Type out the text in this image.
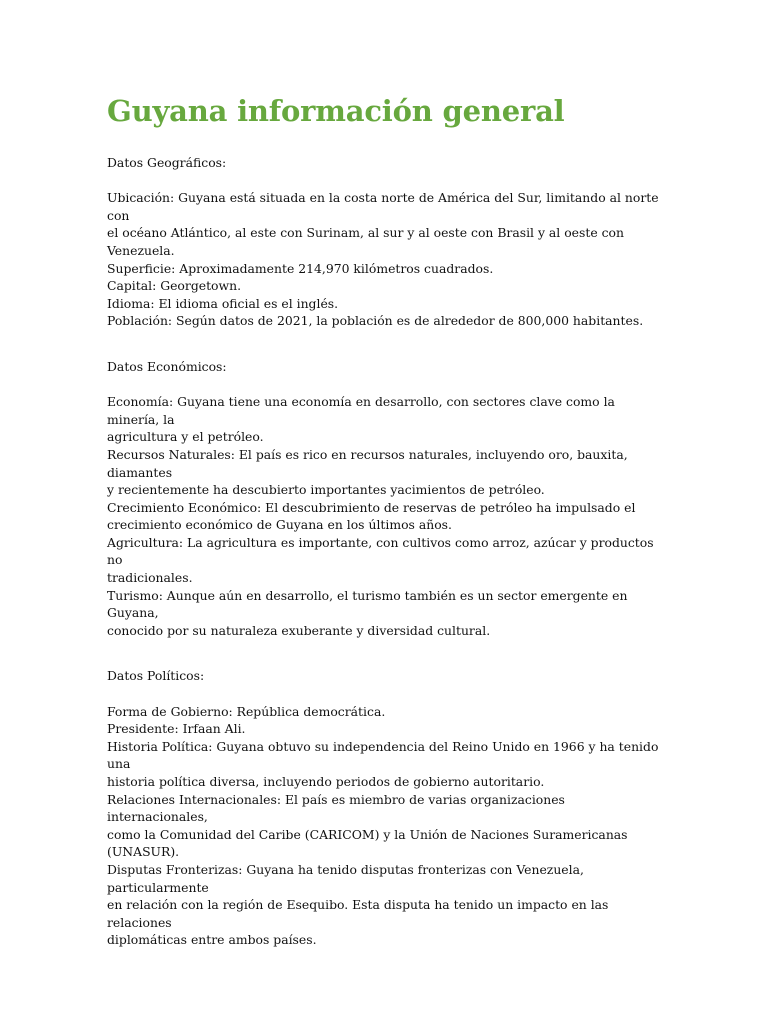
Guyana información general

Datos Geográficos:

Ubicación: Guyana está situada en la costa norte de América del Sur, limitando al norte con
el océano Atlántico, al este con Surinam, al sur y al oeste con Brasil y al oeste con Venezuela.
Superficie: Aproximadamente 214,970 kilómetros cuadrados.
Capital: Georgetown.
Idioma: El idioma oficial es el inglés.
Población: Según datos de 2021, la población es de alrededor de 800,000 habitantes.

Datos Económicos:

Economía: Guyana tiene una economía en desarrollo, con sectores clave como la minería, la
agricultura y el petróleo.
Recursos Naturales: El país es rico en recursos naturales, incluyendo oro, bauxita, diamantes
y recientemente ha descubierto importantes yacimientos de petróleo.
Crecimiento Económico: El descubrimiento de reservas de petróleo ha impulsado el
crecimiento económico de Guyana en los últimos años.
Agricultura: La agricultura es importante, con cultivos como arroz, azúcar y productos no
tradicionales.
Turismo: Aunque aún en desarrollo, el turismo también es un sector emergente en Guyana,
conocido por su naturaleza exuberante y diversidad cultural.

Datos Políticos:

Forma de Gobierno: República democrática.
Presidente: Irfaan Ali.
Historia Política: Guyana obtuvo su independencia del Reino Unido en 1966 y ha tenido una
historia política diversa, incluyendo periodos de gobierno autoritario.
Relaciones Internacionales: El país es miembro de varias organizaciones internacionales,
como la Comunidad del Caribe (CARICOM) y la Unión de Naciones Suramericanas
(UNASUR).
Disputas Fronterizas: Guyana ha tenido disputas fronterizas con Venezuela, particularmente
en relación con la región de Esequibo. Esta disputa ha tenido un impacto en las relaciones
diplomáticas entre ambos países.
